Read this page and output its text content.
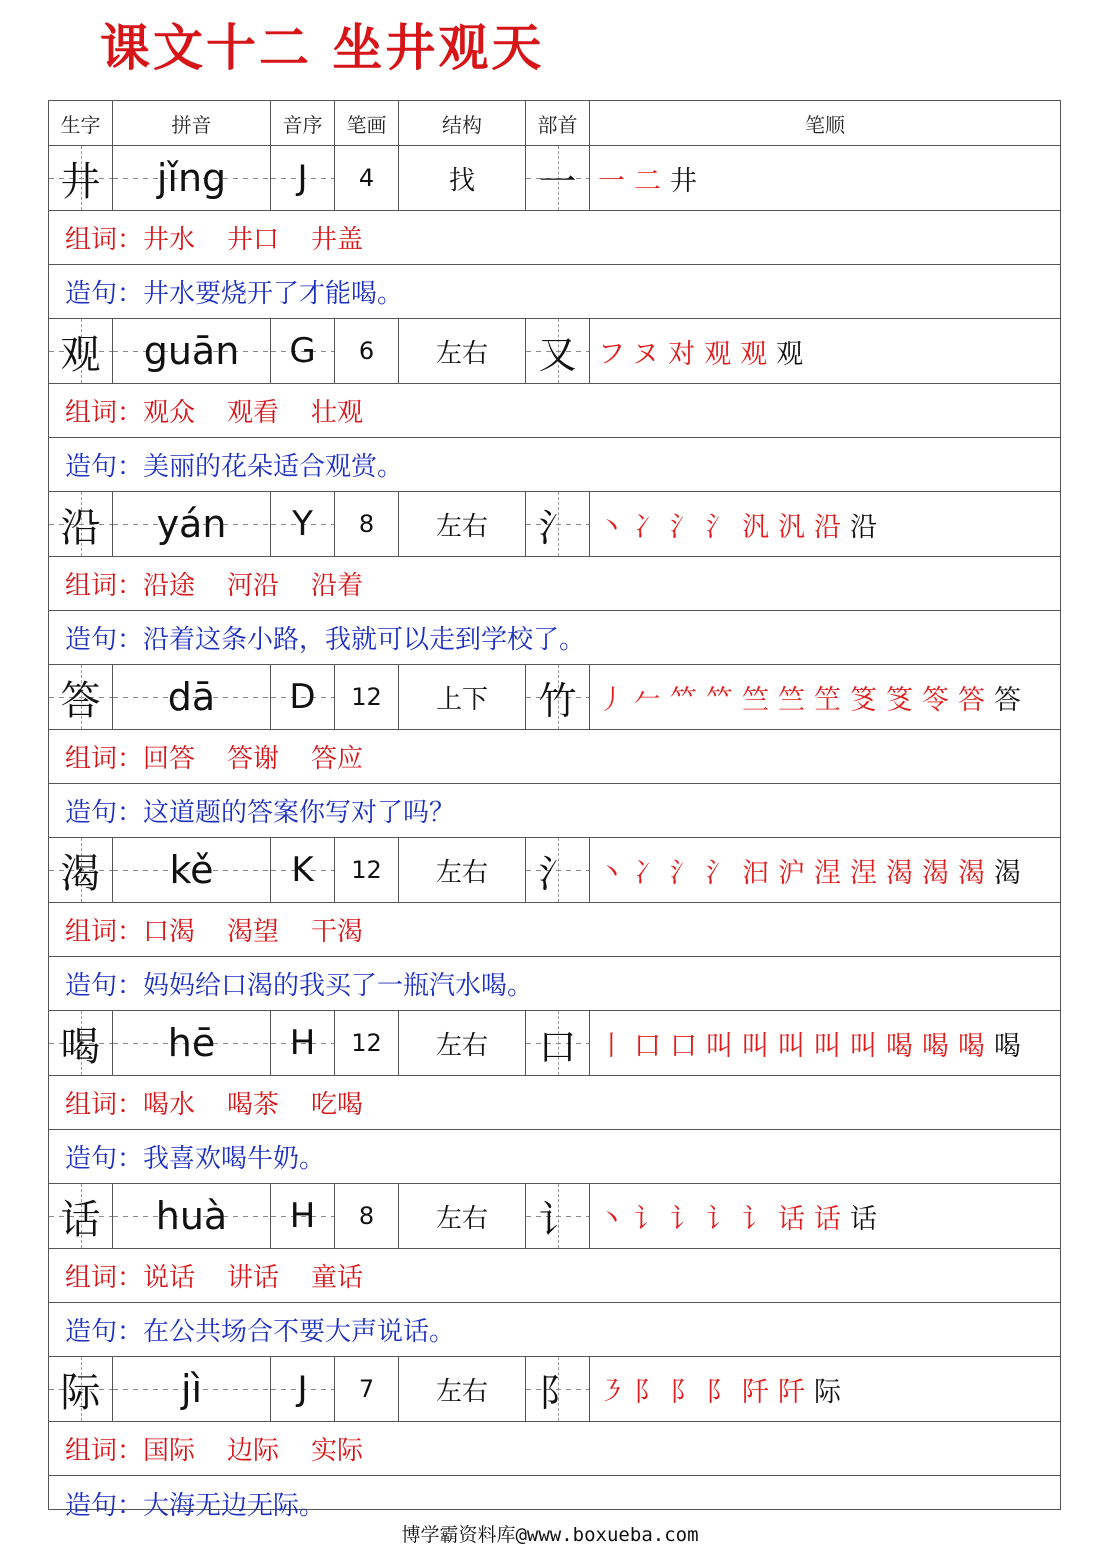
课文十二 坐井观天
生字	拼音	音序	笔画	结构	部首	笔顺
井 jǐng J 4	找 一 一二井
组词： 井水 井口 井盖
造句： 井水要烧开了才能喝。
观 guān G 6 左右 又 フヌ对观观观
组词： 观众 观看 壮观
造句： 美丽的花朵适合观赏。
沿 yán Y 8 左右 氵 丶冫氵氵汎汎沿沿
组词： 沿途 河沿 沿着
造句： 沿着这条小路，我就可以走到学校了。
答 dā D 12 上下 竹 丿𠂉𥫗𥫗竺竺笁笅笅笭答答
组词： 回答 答谢 答应
造句： 这道题的答案你写对了吗？
渴 kě K 12 左右 氵 丶冫氵氵汩沪涅涅渴渴渴渴
组词： 口渴 渴望 干渴
造句： 妈妈给口渴的我买了一瓶汽水喝。
喝 hē H 12 左右 口 丨口口叫叫叫叫叫喝喝喝喝
组词： 喝水 喝茶 吃喝
造句： 我喜欢喝牛奶。
话 huà H 8 左右 讠 丶讠讠讠讠话话话
组词： 说话 讲话 童话
造句： 在公共场合不要大声说话。
际 jì	J 7 左右 阝 ㇋阝阝阝阡阡际
组词： 国际 边际 实际
造句： 大海无边无际。
博学霸资料库@www.boxueba.com
